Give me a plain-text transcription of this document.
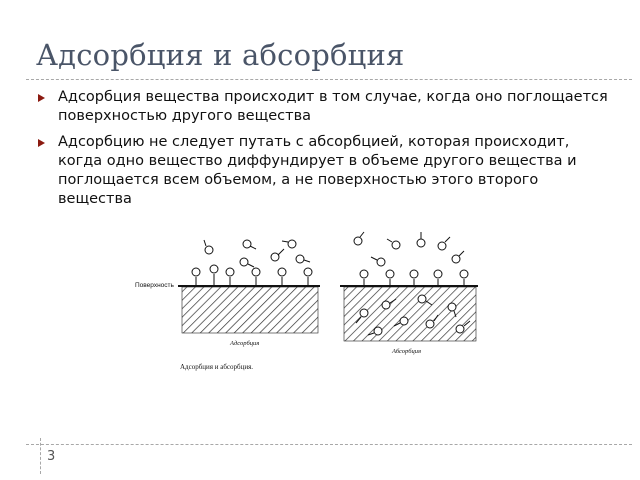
Адсорбция и абсорбция
Адсорбция вещества происходит в том случае, когда оно поглощается поверхностью другого вещества
Адсорбцию не следует путать с абсорбцией, которая происходит, когда одно вещество диффундирует в объеме другого вещества и поглощается всем объемом, а не поверхностью этого второго вещества
Поверхность
Адсорбция
Абсорбция
Адсорбция и абсорбция.
3
